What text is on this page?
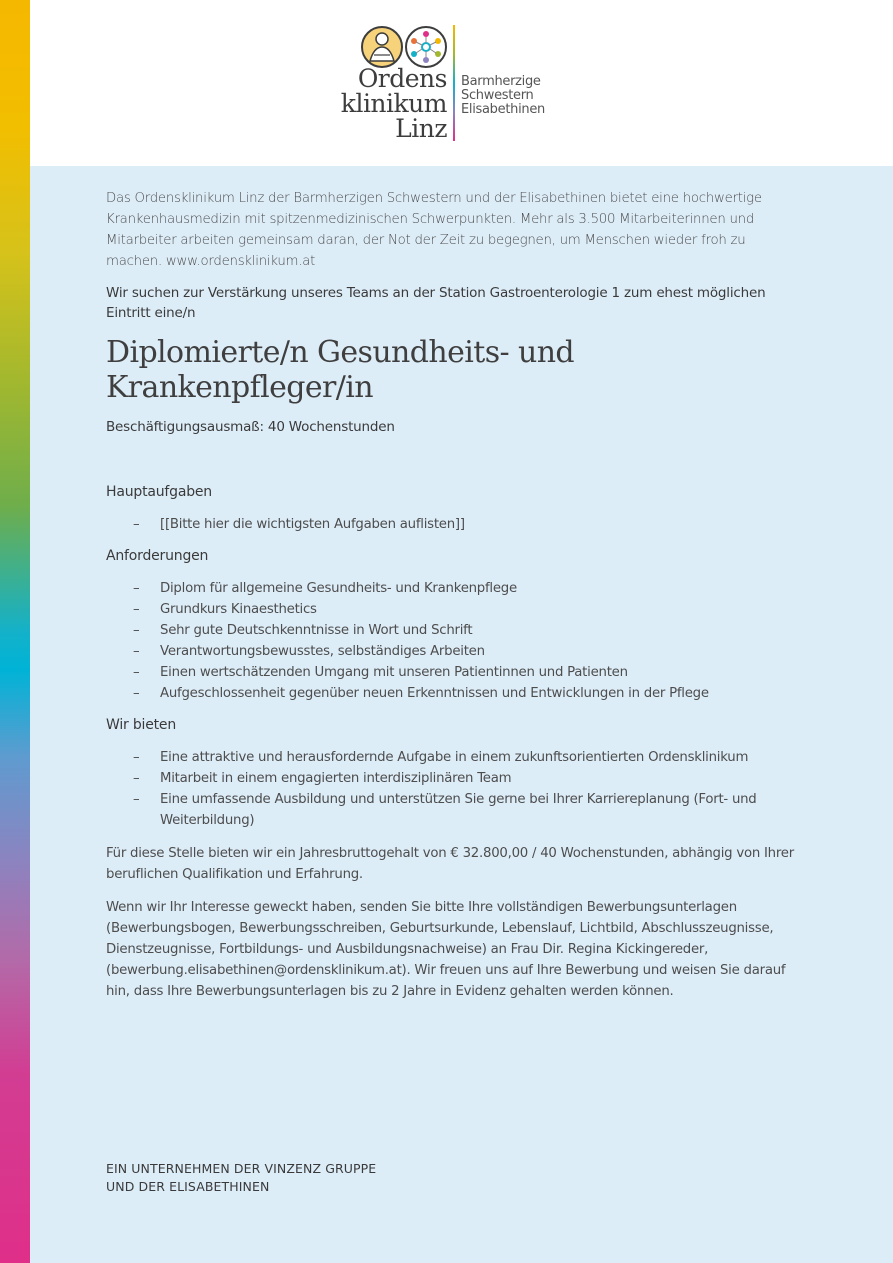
Ordens
klinikum
Linz
Barmherzige
Schwestern
Elisabethinen

Das Ordensklinikum Linz der Barmherzigen Schwestern und der Elisabethinen bietet eine hochwertige Krankenhausmedizin mit spitzenmedizinischen Schwerpunkten. Mehr als 3.500 Mitarbeiterinnen und Mitarbeiter arbeiten gemeinsam daran, der Not der Zeit zu begegnen, um Menschen wieder froh zu machen. www.ordensklinikum.at

Wir suchen zur Verstärkung unseres Teams an der Station Gastroenterologie 1 zum ehest möglichen Eintritt eine/n

Diplomierte/n Gesundheits- und Krankenpfleger/in

Beschäftigungsausmaß: 40 Wochenstunden

Hauptaufgaben
– [[Bitte hier die wichtigsten Aufgaben auflisten]]
Anforderungen
– Diplom für allgemeine Gesundheits- und Krankenpflege
– Grundkurs Kinaesthetics
– Sehr gute Deutschkenntnisse in Wort und Schrift
– Verantwortungsbewusstes, selbständiges Arbeiten
– Einen wertschätzenden Umgang mit unseren Patientinnen und Patienten
– Aufgeschlossenheit gegenüber neuen Erkenntnissen und Entwicklungen in der Pflege
Wir bieten
– Eine attraktive und herausfordernde Aufgabe in einem zukunftsorientierten Ordensklinikum
– Mitarbeit in einem engagierten interdisziplinären Team
– Eine umfassende Ausbildung und unterstützen Sie gerne bei Ihrer Karriereplanung (Fort- und Weiterbildung)

Für diese Stelle bieten wir ein Jahresbruttogehalt von € 32.800,00 / 40 Wochenstunden, abhängig von Ihrer beruflichen Qualifikation und Erfahrung.

Wenn wir Ihr Interesse geweckt haben, senden Sie bitte Ihre vollständigen Bewerbungsunterlagen (Bewerbungsbogen, Bewerbungsschreiben, Geburtsurkunde, Lebenslauf, Lichtbild, Abschlusszeugnisse, Dienstzeugnisse, Fortbildungs- und Ausbildungsnachweise) an Frau Dir. Regina Kickingereder, (bewerbung.elisabethinen@ordensklinikum.at). Wir freuen uns auf Ihre Bewerbung und weisen Sie darauf hin, dass Ihre Bewerbungsunterlagen bis zu 2 Jahre in Evidenz gehalten werden können.

EIN UNTERNEHMEN DER VINZENZ GRUPPE
UND DER ELISABETHINEN
